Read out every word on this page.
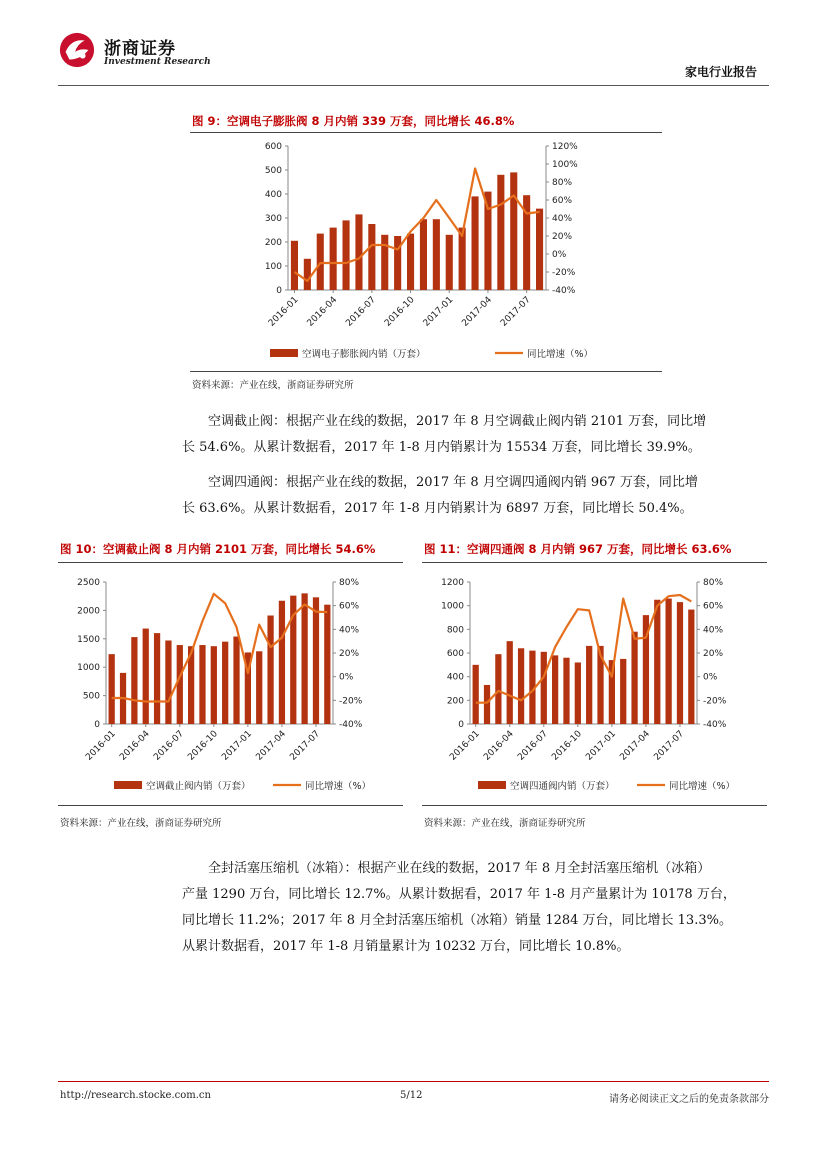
浙商证券
Investment Research
家电行业报告
图 9：空调电子膨胀阀 8 月内销 339 万套，同比增长 46.8%
0
100
200
300
400
500
600
-40%
-20%
0%
20%
40%
60%
80%
100%
120%
2016-01 2016-04 2016-07 2016-10 2017-01 2017-04 2017-07
空调电子膨胀阀内销（万套）	同比增速（%）
资料来源：产业在线，浙商证券研究所

空调截止阀：根据产业在线的数据，2017 年 8 月空调截止阀内销 2101 万套，同比增

长 54.6%。从累计数据看，2017 年 1-8 月内销累计为 15534 万套，同比增长 39.9%。

空调四通阀：根据产业在线的数据，2017 年 8 月空调四通阀内销 967 万套，同比增

长 63.6%。从累计数据看，2017 年 1-8 月内销累计为 6897 万套，同比增长 50.4%。

图 10：空调截止阀 8 月内销 2101 万套，同比增长 54.6%
0
500
1000
1500
2000
2500
-40%
-20%
0%
20%
40%
60%
80%
2016-01 2016-04 2016-07 2016-10 2017-01 2017-04 2017-07
空调截止阀内销（万套）	同比增速（%）
资料来源：产业在线，浙商证券研究所
图 11：空调四通阀 8 月内销 967 万套，同比增长 63.6%
0
200
400
600
800
1000
1200
-40%
-20%
0%
20%
40%
60%
80%
2016-01 2016-04 2016-07 2016-10 2017-01 2017-04 2017-07
空调四通阀内销（万套）	同比增速（%）
资料来源：产业在线，浙商证券研究所

全封活塞压缩机（冰箱）：根据产业在线的数据，2017 年 8 月全封活塞压缩机（冰箱）

产量 1290 万台，同比增长 12.7%。从累计数据看，2017 年 1-8 月产量累计为 10178 万台，

同比增长 11.2%；2017 年 8 月全封活塞压缩机（冰箱）销量 1284 万台，同比增长 13.3%。

从累计数据看，2017 年 1-8 月销量累计为 10232 万台，同比增长 10.8%。

http://research.stocke.com.cn	5/12	请务必阅读正文之后的免责条款部分
